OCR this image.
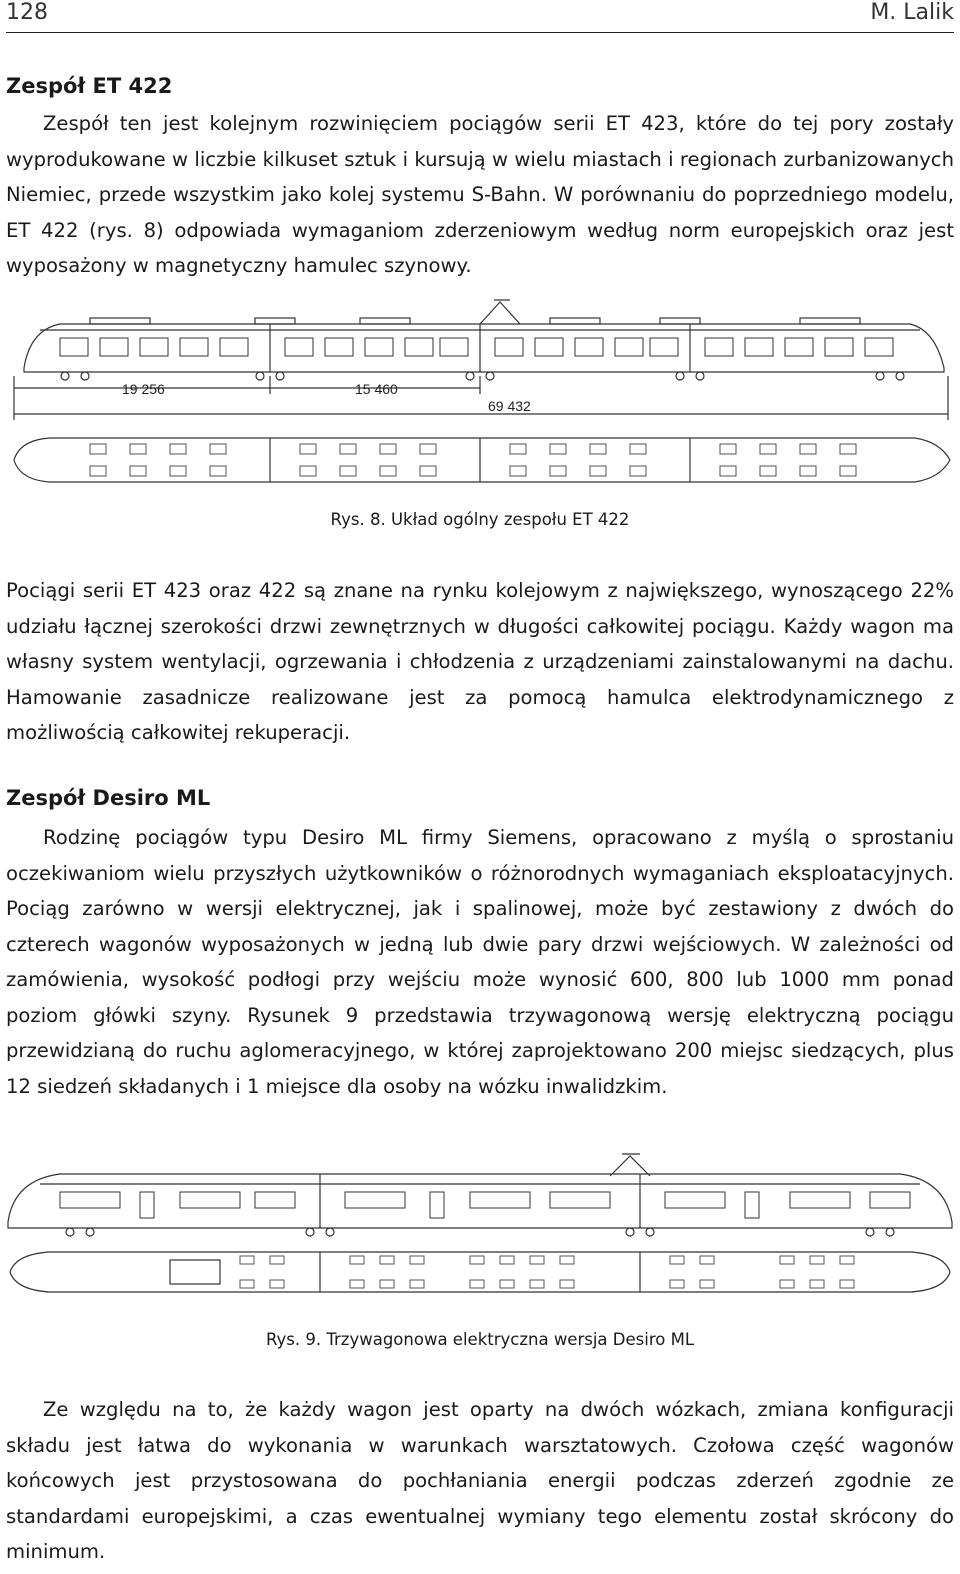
128	M. Lalik
Zespół ET 422

Zespół ten jest kolejnym rozwinięciem pociągów serii ET 423, które do tej pory zostały wyprodukowane w liczbie kilkuset sztuk i kursują w wielu miastach i regionach zurbanizowanych Niemiec, przede wszystkim jako kolej systemu S-Bahn. W porównaniu do poprzedniego modelu, ET 422 (rys. 8) odpowiada wymaganiom zderzeniowym według norm europejskich oraz jest wyposażony w magnetyczny hamulec szynowy.

19 256	15 460
69 432

Rys. 8. Układ ogólny zespołu ET 422

Pociągi serii ET 423 oraz 422 są znane na rynku kolejowym z największego, wynoszącego 22% udziału łącznej szerokości drzwi zewnętrznych w długości całkowitej pociągu. Każdy wagon ma własny system wentylacji, ogrzewania i chłodzenia z urządzeniami zainstalowanymi na dachu. Hamowanie zasadnicze realizowane jest za pomocą hamulca elektrodynamicznego z możliwością całkowitej rekuperacji.

Zespół Desiro ML

Rodzinę pociągów typu Desiro ML firmy Siemens, opracowano z myślą o sprostaniu oczekiwaniom wielu przyszłych użytkowników o różnorodnych wymaganiach eksploatacyjnych. Pociąg zarówno w wersji elektrycznej, jak i spalinowej, może być zestawiony z dwóch do czterech wagonów wyposażonych w jedną lub dwie pary drzwi wejściowych. W zależności od zamówienia, wysokość podłogi przy wejściu może wynosić 600, 800 lub 1000 mm ponad poziom główki szyny. Rysunek 9 przedstawia trzywagonową wersję elektryczną pociągu przewidzianą do ruchu aglomeracyjnego, w której zaprojektowano 200 miejsc siedzących, plus 12 siedzeń składanych i 1 miejsce dla osoby na wózku inwalidzkim.

Rys. 9. Trzywagonowa elektryczna wersja Desiro ML

Ze względu na to, że każdy wagon jest oparty na dwóch wózkach, zmiana konfiguracji składu jest łatwa do wykonania w warunkach warsztatowych. Czołowa część wagonów końcowych jest przystosowana do pochłaniania energii podczas zderzeń zgodnie ze standardami europejskimi, a czas ewentualnej wymiany tego elementu został skrócony do minimum.
